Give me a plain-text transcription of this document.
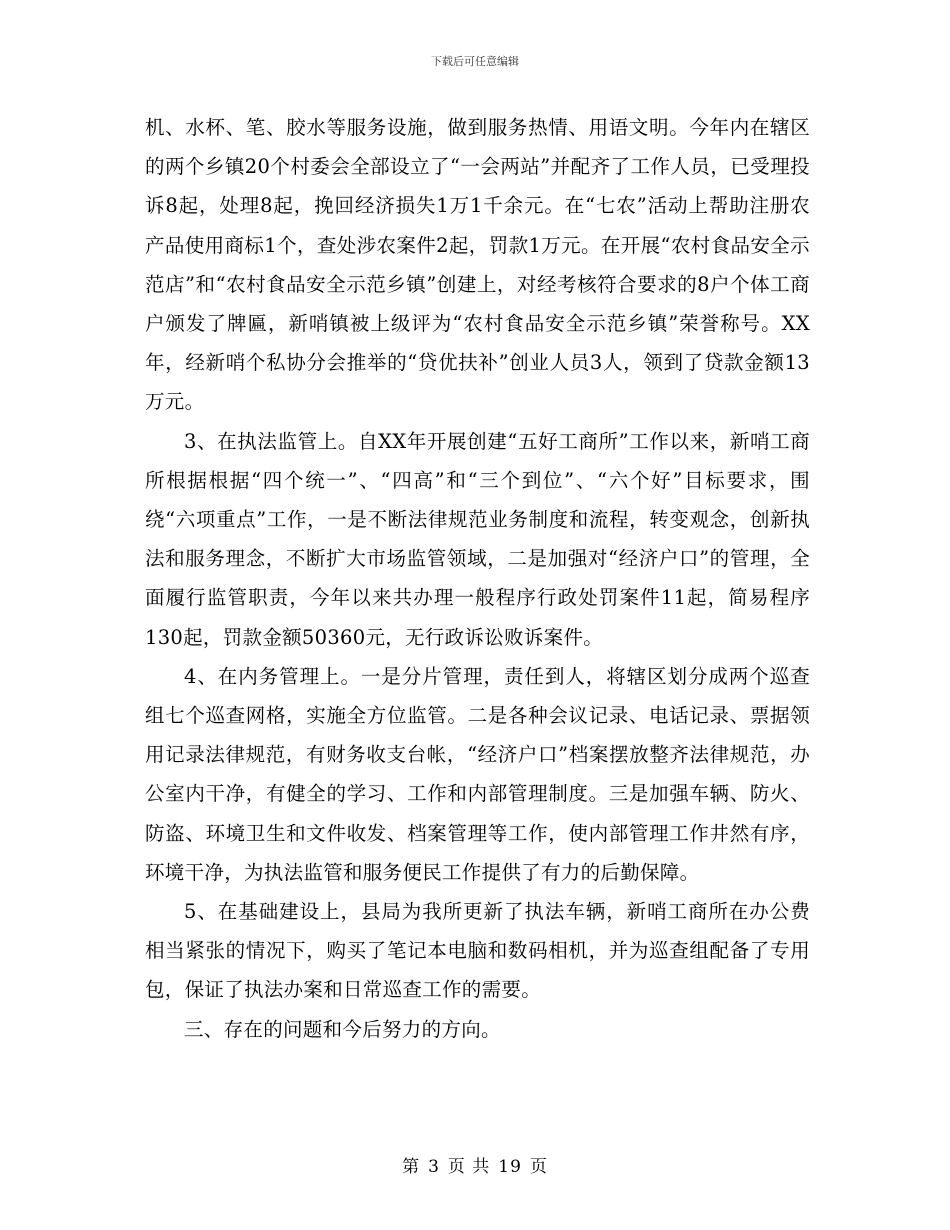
下载后可任意编辑

机、水杯、笔、胶水等服务设施，做到服务热情、用语文明。今年内在辖区的两个乡镇20个村委会全部设立了“一会两站”并配齐了工作人员，已受理投诉8起，处理8起，挽回经济损失1万1千余元。在“七农”活动上帮助注册农产品使用商标1个，查处涉农案件2起，罚款1万元。在开展“农村食品安全示范店”和“农村食品安全示范乡镇”创建上，对经考核符合要求的8户个体工商户颁发了牌匾，新哨镇被上级评为“农村食品安全示范乡镇”荣誉称号。XX年，经新哨个私协分会推举的“贷优扶补”创业人员3人，领到了贷款金额13万元。

3、在执法监管上。自XX年开展创建“五好工商所”工作以来，新哨工商所根据根据“四个统一”、“四高”和“三个到位”、“六个好”目标要求，围绕“六项重点”工作，一是不断法律规范业务制度和流程，转变观念，创新执法和服务理念，不断扩大市场监管领域，二是加强对“经济户口”的管理，全面履行监管职责，今年以来共办理一般程序行政处罚案件11起，简易程序130起，罚款金额50360元，无行政诉讼败诉案件。

4、在内务管理上。一是分片管理，责任到人，将辖区划分成两个巡查组七个巡查网格，实施全方位监管。二是各种会议记录、电话记录、票据领用记录法律规范，有财务收支台帐，“经济户口”档案摆放整齐法律规范，办公室内干净，有健全的学习、工作和内部管理制度。三是加强车辆、防火、防盗、环境卫生和文件收发、档案管理等工作，使内部管理工作井然有序，环境干净，为执法监管和服务便民工作提供了有力的后勤保障。

5、在基础建设上，县局为我所更新了执法车辆，新哨工商所在办公费相当紧张的情况下，购买了笔记本电脑和数码相机，并为巡查组配备了专用包，保证了执法办案和日常巡查工作的需要。

三、存在的问题和今后努力的方向。

第 3 页 共 19 页
